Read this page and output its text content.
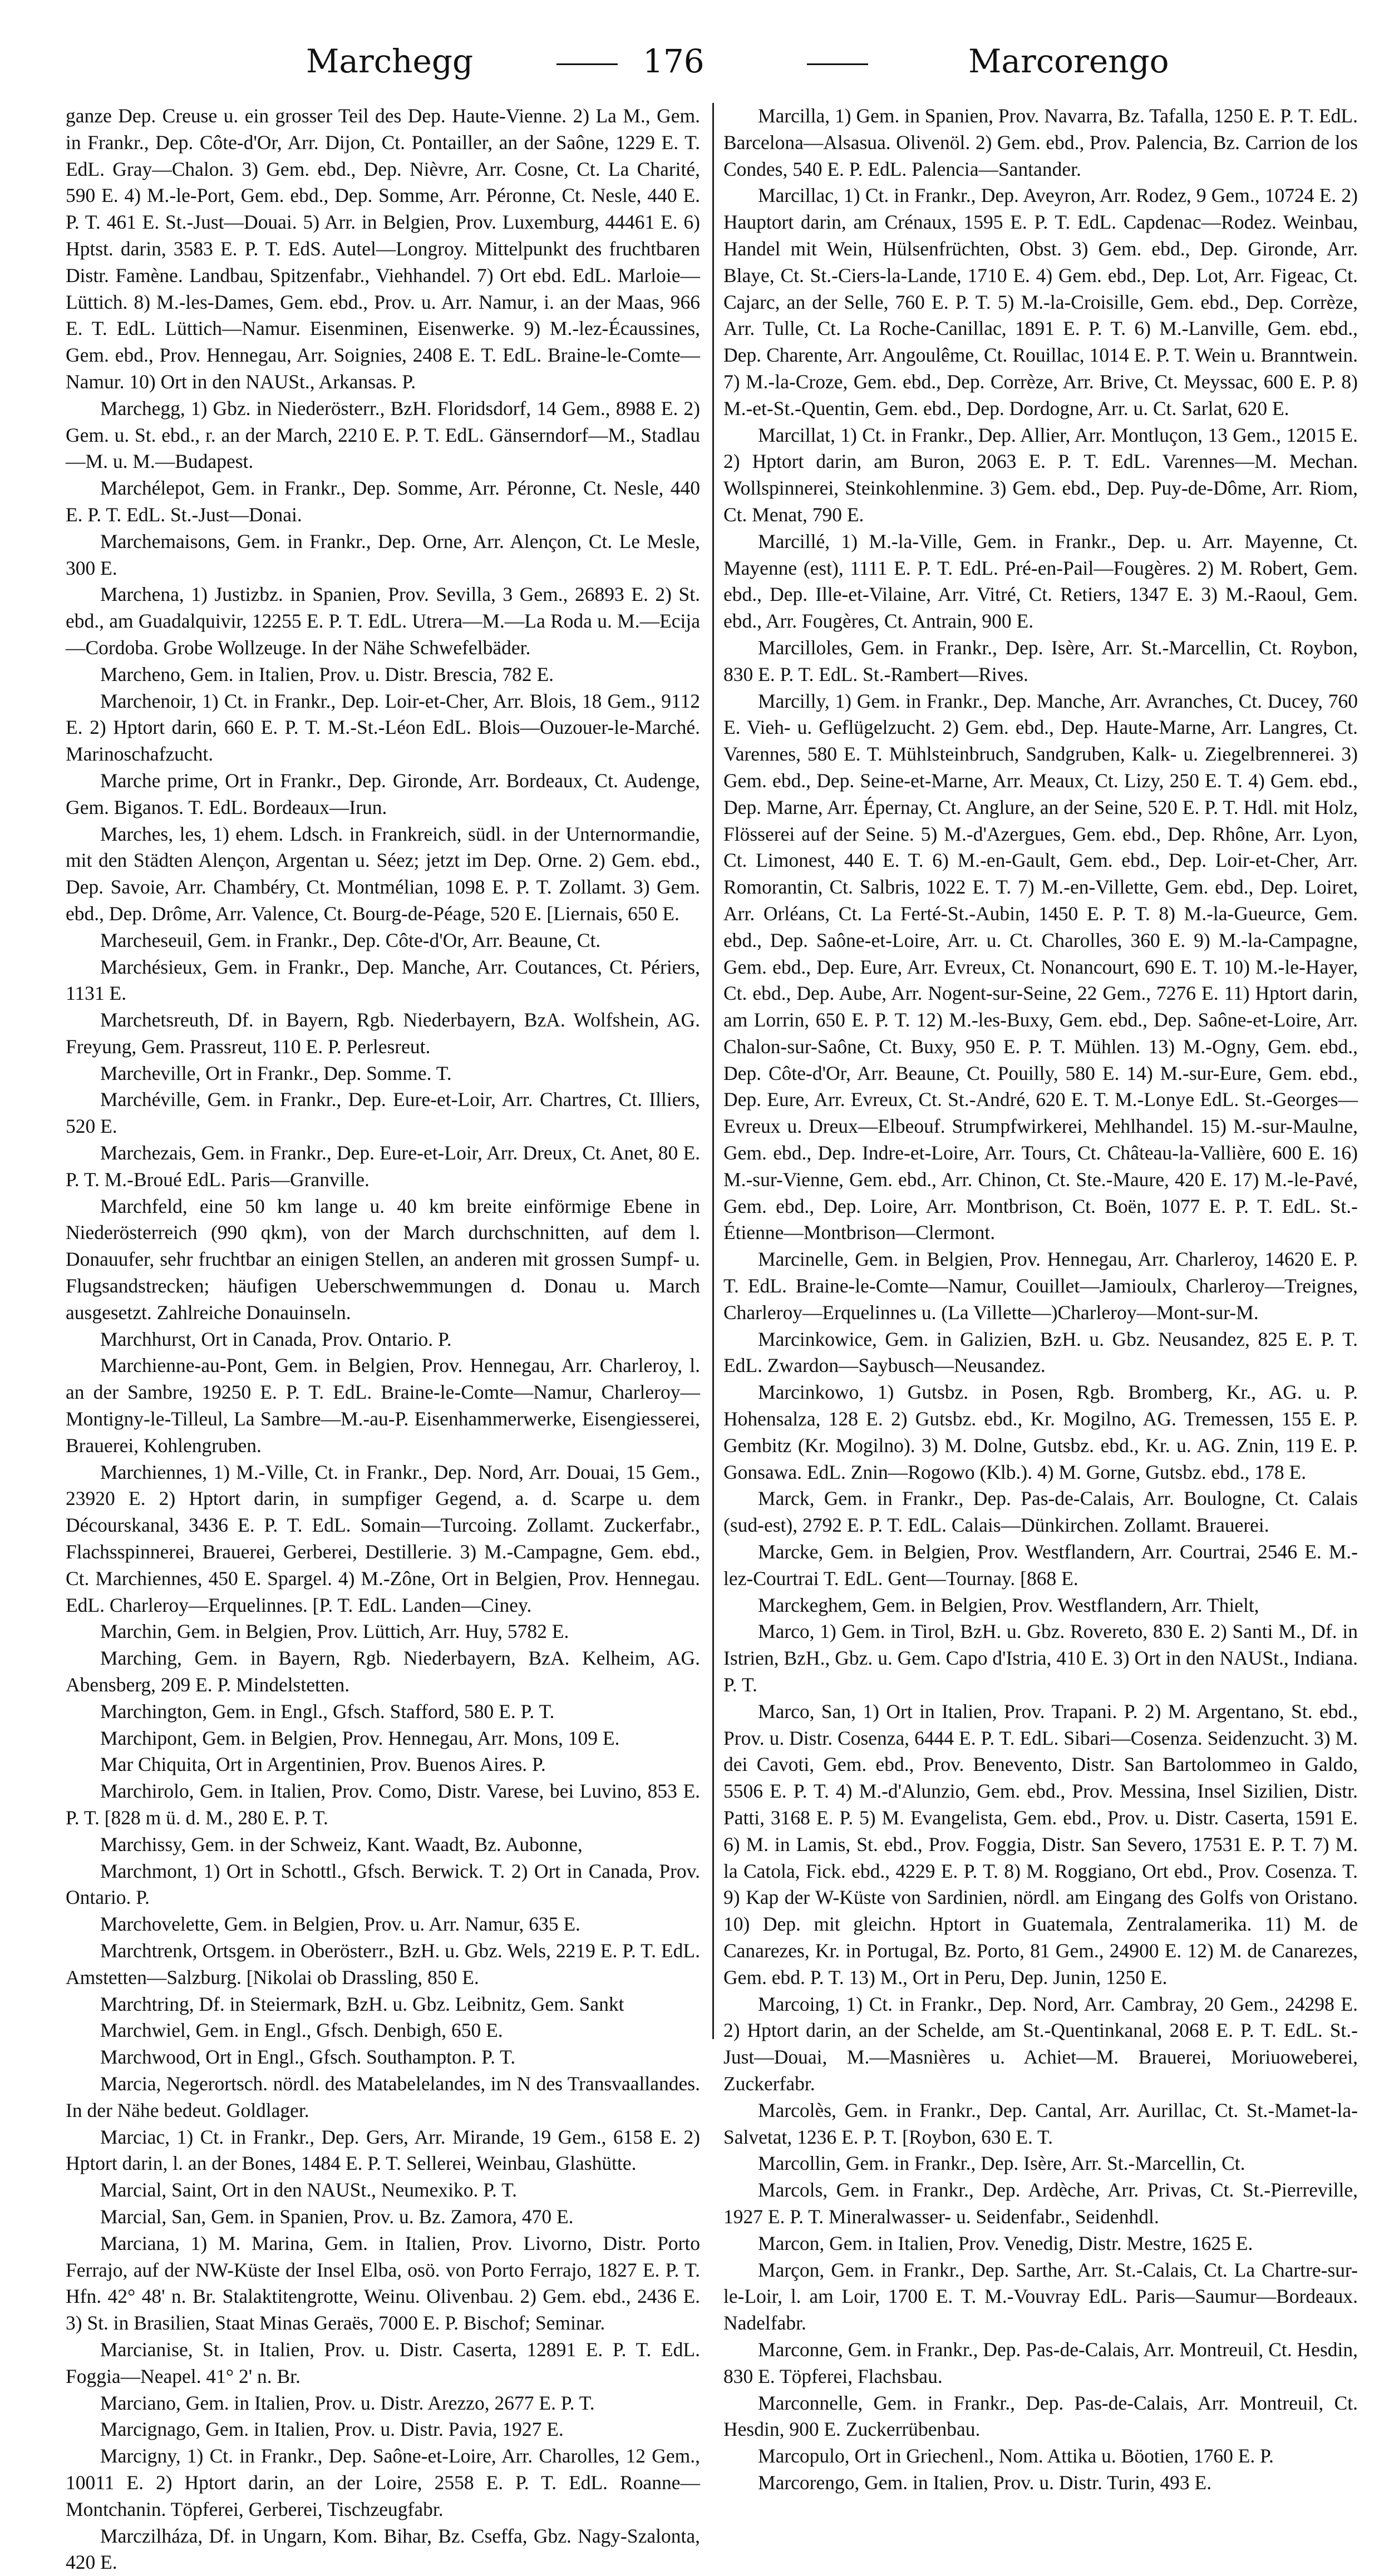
Marchegg	176	Marcorengo

ganze Dep. Creuse u. ein grosser Teil des Dep. Haute-Vienne. 2) La M., Gem. in Frankr., Dep. Côte-d'Or, Arr. Dijon, Ct. Pontailler, an der Saône, 1229 E. T. EdL. Gray—Chalon. 3) Gem. ebd., Dep. Nièvre, Arr. Cosne, Ct. La Charité, 590 E. 4) M.-le-Port, Gem. ebd., Dep. Somme, Arr. Péronne, Ct. Nesle, 440 E. P. T. 461 E. St.-Just—Douai. 5) Arr. in Belgien, Prov. Luxemburg, 44461 E. 6) Hptst. darin, 3583 E. P. T. EdS. Autel—Longroy. Mittelpunkt des fruchtbaren Distr. Famène. Landbau, Spitzenfabr., Viehhandel. 7) Ort ebd. EdL. Marloie—Lüttich. 8) M.-les-Dames, Gem. ebd., Prov. u. Arr. Namur, i. an der Maas, 966 E. T. EdL. Lüttich—Namur. Eisenminen, Eisenwerke. 9) M.-lez-Écaussines, Gem. ebd., Prov. Hennegau, Arr. Soignies, 2408 E. T. EdL. Braine-le-Comte—Namur. 10) Ort in den NAUSt., Arkansas. P.

Marchegg, 1) Gbz. in Niederösterr., BzH. Floridsdorf, 14 Gem., 8988 E. 2) Gem. u. St. ebd., r. an der March, 2210 E. P. T. EdL. Gänserndorf—M., Stadlau—M. u. M.—Budapest.

Marchélepot, Gem. in Frankr., Dep. Somme, Arr. Péronne, Ct. Nesle, 440 E. P. T. EdL. St.-Just—Donai.

Marchemaisons, Gem. in Frankr., Dep. Orne, Arr. Alençon, Ct. Le Mesle, 300 E.

Marchena, 1) Justizbz. in Spanien, Prov. Sevilla, 3 Gem., 26893 E. 2) St. ebd., am Guadalquivir, 12255 E. P. T. EdL. Utrera—M.—La Roda u. M.—Ecija—Cordoba. Grobe Wollzeuge. In der Nähe Schwefelbäder.

Marcheno, Gem. in Italien, Prov. u. Distr. Brescia, 782 E.

Marchenoir, 1) Ct. in Frankr., Dep. Loir-et-Cher, Arr. Blois, 18 Gem., 9112 E. 2) Hptort darin, 660 E. P. T. M.-St.-Léon EdL. Blois—Ouzouer-le-Marché. Marinoschafzucht.

Marche prime, Ort in Frankr., Dep. Gironde, Arr. Bordeaux, Ct. Audenge, Gem. Biganos. T. EdL. Bordeaux—Irun.

Marches, les, 1) ehem. Ldsch. in Frankreich, südl. in der Unternormandie, mit den Städten Alençon, Argentan u. Séez; jetzt im Dep. Orne. 2) Gem. ebd., Dep. Savoie, Arr. Chambéry, Ct. Montmélian, 1098 E. P. T. Zollamt. 3) Gem. ebd., Dep. Drôme, Arr. Valence, Ct. Bourg-de-Péage, 520 E. [Liernais, 650 E.

Marcheseuil, Gem. in Frankr., Dep. Côte-d'Or, Arr. Beaune, Ct.

Marchésieux, Gem. in Frankr., Dep. Manche, Arr. Coutances, Ct. Périers, 1131 E.

Marchetsreuth, Df. in Bayern, Rgb. Niederbayern, BzA. Wolfshein, AG. Freyung, Gem. Prassreut, 110 E. P. Perlesreut.

Marcheville, Ort in Frankr., Dep. Somme. T.

Marchéville, Gem. in Frankr., Dep. Eure-et-Loir, Arr. Chartres, Ct. Illiers, 520 E.

Marchezais, Gem. in Frankr., Dep. Eure-et-Loir, Arr. Dreux, Ct. Anet, 80 E. P. T. M.-Broué EdL. Paris—Granville.

Marchfeld, eine 50 km lange u. 40 km breite einförmige Ebene in Niederösterreich (990 qkm), von der March durchschnitten, auf dem l. Donauufer, sehr fruchtbar an einigen Stellen, an anderen mit grossen Sumpf- u. Flugsandstrecken; häufigen Ueberschwemmungen d. Donau u. March ausgesetzt. Zahlreiche Donauinseln.

Marchhurst, Ort in Canada, Prov. Ontario. P.

Marchienne-au-Pont, Gem. in Belgien, Prov. Hennegau, Arr. Charleroy, l. an der Sambre, 19250 E. P. T. EdL. Braine-le-Comte—Namur, Charleroy—Montigny-le-Tilleul, La Sambre—M.-au-P. Eisenhammerwerke, Eisengiesserei, Brauerei, Kohlengruben.

Marchiennes, 1) M.-Ville, Ct. in Frankr., Dep. Nord, Arr. Douai, 15 Gem., 23920 E. 2) Hptort darin, in sumpfiger Gegend, a. d. Scarpe u. dem Décourskanal, 3436 E. P. T. EdL. Somain—Turcoing. Zollamt. Zuckerfabr., Flachsspinnerei, Brauerei, Gerberei, Destillerie. 3) M.-Campagne, Gem. ebd., Ct. Marchiennes, 450 E. Spargel. 4) M.-Zône, Ort in Belgien, Prov. Hennegau. EdL. Charleroy—Erquelinnes. [P. T. EdL. Landen—Ciney.

Marchin, Gem. in Belgien, Prov. Lüttich, Arr. Huy, 5782 E.

Marching, Gem. in Bayern, Rgb. Niederbayern, BzA. Kelheim, AG. Abensberg, 209 E. P. Mindelstetten.

Marchington, Gem. in Engl., Gfsch. Stafford, 580 E. P. T.

Marchipont, Gem. in Belgien, Prov. Hennegau, Arr. Mons, 109 E.

Mar Chiquita, Ort in Argentinien, Prov. Buenos Aires. P.

Marchirolo, Gem. in Italien, Prov. Como, Distr. Varese, bei Luvino, 853 E. P. T. [828 m ü. d. M., 280 E. P. T.

Marchissy, Gem. in der Schweiz, Kant. Waadt, Bz. Aubonne,

Marchmont, 1) Ort in Schottl., Gfsch. Berwick. T. 2) Ort in Canada, Prov. Ontario. P.

Marchovelette, Gem. in Belgien, Prov. u. Arr. Namur, 635 E.

Marchtrenk, Ortsgem. in Oberösterr., BzH. u. Gbz. Wels, 2219 E. P. T. EdL. Amstetten—Salzburg. [Nikolai ob Drassling, 850 E.

Marchtring, Df. in Steiermark, BzH. u. Gbz. Leibnitz, Gem. Sankt

Marchwiel, Gem. in Engl., Gfsch. Denbigh, 650 E.

Marchwood, Ort in Engl., Gfsch. Southampton. P. T.

Marcia, Negerortsch. nördl. des Matabelelandes, im N des Transvaallandes. In der Nähe bedeut. Goldlager.

Marciac, 1) Ct. in Frankr., Dep. Gers, Arr. Mirande, 19 Gem., 6158 E. 2) Hptort darin, l. an der Bones, 1484 E. P. T. Sellerei, Weinbau, Glashütte.

Marcial, Saint, Ort in den NAUSt., Neumexiko. P. T.

Marcial, San, Gem. in Spanien, Prov. u. Bz. Zamora, 470 E.

Marciana, 1) M. Marina, Gem. in Italien, Prov. Livorno, Distr. Porto Ferrajo, auf der NW-Küste der Insel Elba, osö. von Porto Ferrajo, 1827 E. P. T. Hfn. 42° 48' n. Br. Stalaktitengrotte, Weinu. Olivenbau. 2) Gem. ebd., 2436 E. 3) St. in Brasilien, Staat Minas Geraës, 7000 E. P. Bischof; Seminar.

Marcianise, St. in Italien, Prov. u. Distr. Caserta, 12891 E. P. T. EdL. Foggia—Neapel. 41° 2' n. Br.

Marciano, Gem. in Italien, Prov. u. Distr. Arezzo, 2677 E. P. T.

Marcignago, Gem. in Italien, Prov. u. Distr. Pavia, 1927 E.

Marcigny, 1) Ct. in Frankr., Dep. Saône-et-Loire, Arr. Charolles, 12 Gem., 10011 E. 2) Hptort darin, an der Loire, 2558 E. P. T. EdL. Roanne—Montchanin. Töpferei, Gerberei, Tischzeugfabr.

Marczilháza, Df. in Ungarn, Kom. Bihar, Bz. Cseffa, Gbz. Nagy-Szalonta, 420 E.

Marcilla, 1) Gem. in Spanien, Prov. Navarra, Bz. Tafalla, 1250 E. P. T. EdL. Barcelona—Alsasua. Olivenöl. 2) Gem. ebd., Prov. Palencia, Bz. Carrion de los Condes, 540 E. P. EdL. Palencia—Santander.

Marcillac, 1) Ct. in Frankr., Dep. Aveyron, Arr. Rodez, 9 Gem., 10724 E. 2) Hauptort darin, am Crénaux, 1595 E. P. T. EdL. Capdenac—Rodez. Weinbau, Handel mit Wein, Hülsenfrüchten, Obst. 3) Gem. ebd., Dep. Gironde, Arr. Blaye, Ct. St.-Ciers-la-Lande, 1710 E. 4) Gem. ebd., Dep. Lot, Arr. Figeac, Ct. Cajarc, an der Selle, 760 E. P. T. 5) M.-la-Croisille, Gem. ebd., Dep. Corrèze, Arr. Tulle, Ct. La Roche-Canillac, 1891 E. P. T. 6) M.-Lanville, Gem. ebd., Dep. Charente, Arr. Angoulême, Ct. Rouillac, 1014 E. P. T. Wein u. Branntwein. 7) M.-la-Croze, Gem. ebd., Dep. Corrèze, Arr. Brive, Ct. Meyssac, 600 E. P. 8) M.-et-St.-Quentin, Gem. ebd., Dep. Dordogne, Arr. u. Ct. Sarlat, 620 E.

Marcillat, 1) Ct. in Frankr., Dep. Allier, Arr. Montluçon, 13 Gem., 12015 E. 2) Hptort darin, am Buron, 2063 E. P. T. EdL. Varennes—M. Mechan. Wollspinnerei, Steinkohlenmine. 3) Gem. ebd., Dep. Puy-de-Dôme, Arr. Riom, Ct. Menat, 790 E.

Marcillé, 1) M.-la-Ville, Gem. in Frankr., Dep. u. Arr. Mayenne, Ct. Mayenne (est), 1111 E. P. T. EdL. Pré-en-Pail—Fougères. 2) M. Robert, Gem. ebd., Dep. Ille-et-Vilaine, Arr. Vitré, Ct. Retiers, 1347 E. 3) M.-Raoul, Gem. ebd., Arr. Fougères, Ct. Antrain, 900 E.

Marcilloles, Gem. in Frankr., Dep. Isère, Arr. St.-Marcellin, Ct. Roybon, 830 E. P. T. EdL. St.-Rambert—Rives.

Marcilly, 1) Gem. in Frankr., Dep. Manche, Arr. Avranches, Ct. Ducey, 760 E. Vieh- u. Geflügelzucht. 2) Gem. ebd., Dep. Haute-Marne, Arr. Langres, Ct. Varennes, 580 E. T. Mühlsteinbruch, Sandgruben, Kalk- u. Ziegelbrennerei. 3) Gem. ebd., Dep. Seine-et-Marne, Arr. Meaux, Ct. Lizy, 250 E. T. 4) Gem. ebd., Dep. Marne, Arr. Épernay, Ct. Anglure, an der Seine, 520 E. P. T. Hdl. mit Holz, Flösserei auf der Seine. 5) M.-d'Azergues, Gem. ebd., Dep. Rhône, Arr. Lyon, Ct. Limonest, 440 E. T. 6) M.-en-Gault, Gem. ebd., Dep. Loir-et-Cher, Arr. Romorantin, Ct. Salbris, 1022 E. T. 7) M.-en-Villette, Gem. ebd., Dep. Loiret, Arr. Orléans, Ct. La Ferté-St.-Aubin, 1450 E. P. T. 8) M.-la-Gueurce, Gem. ebd., Dep. Saône-et-Loire, Arr. u. Ct. Charolles, 360 E. 9) M.-la-Campagne, Gem. ebd., Dep. Eure, Arr. Evreux, Ct. Nonancourt, 690 E. T. 10) M.-le-Hayer, Ct. ebd., Dep. Aube, Arr. Nogent-sur-Seine, 22 Gem., 7276 E. 11) Hptort darin, am Lorrin, 650 E. P. T. 12) M.-les-Buxy, Gem. ebd., Dep. Saône-et-Loire, Arr. Chalon-sur-Saône, Ct. Buxy, 950 E. P. T. Mühlen. 13) M.-Ogny, Gem. ebd., Dep. Côte-d'Or, Arr. Beaune, Ct. Pouilly, 580 E. 14) M.-sur-Eure, Gem. ebd., Dep. Eure, Arr. Evreux, Ct. St.-André, 620 E. T. M.-Lonye EdL. St.-Georges—Evreux u. Dreux—Elbeouf. Strumpfwirkerei, Mehlhandel. 15) M.-sur-Maulne, Gem. ebd., Dep. Indre-et-Loire, Arr. Tours, Ct. Château-la-Vallière, 600 E. 16) M.-sur-Vienne, Gem. ebd., Arr. Chinon, Ct. Ste.-Maure, 420 E. 17) M.-le-Pavé, Gem. ebd., Dep. Loire, Arr. Montbrison, Ct. Boën, 1077 E. P. T. EdL. St.-Étienne—Montbrison—Clermont.

Marcinelle, Gem. in Belgien, Prov. Hennegau, Arr. Charleroy, 14620 E. P. T. EdL. Braine-le-Comte—Namur, Couillet—Jamioulx, Charleroy—Treignes, Charleroy—Erquelinnes u. (La Villette—)Charleroy—Mont-sur-M.

Marcinkowice, Gem. in Galizien, BzH. u. Gbz. Neusandez, 825 E. P. T. EdL. Zwardon—Saybusch—Neusandez.

Marcinkowo, 1) Gutsbz. in Posen, Rgb. Bromberg, Kr., AG. u. P. Hohensalza, 128 E. 2) Gutsbz. ebd., Kr. Mogilno, AG. Tremessen, 155 E. P. Gembitz (Kr. Mogilno). 3) M. Dolne, Gutsbz. ebd., Kr. u. AG. Znin, 119 E. P. Gonsawa. EdL. Znin—Rogowo (Klb.). 4) M. Gorne, Gutsbz. ebd., 178 E.

Marck, Gem. in Frankr., Dep. Pas-de-Calais, Arr. Boulogne, Ct. Calais (sud-est), 2792 E. P. T. EdL. Calais—Dünkirchen. Zollamt. Brauerei.

Marcke, Gem. in Belgien, Prov. Westflandern, Arr. Courtrai, 2546 E. M.-lez-Courtrai T. EdL. Gent—Tournay. [868 E.

Marckeghem, Gem. in Belgien, Prov. Westflandern, Arr. Thielt,

Marco, 1) Gem. in Tirol, BzH. u. Gbz. Rovereto, 830 E. 2) Santi M., Df. in Istrien, BzH., Gbz. u. Gem. Capo d'Istria, 410 E. 3) Ort in den NAUSt., Indiana. P. T.

Marco, San, 1) Ort in Italien, Prov. Trapani. P. 2) M. Argentano, St. ebd., Prov. u. Distr. Cosenza, 6444 E. P. T. EdL. Sibari—Cosenza. Seidenzucht. 3) M. dei Cavoti, Gem. ebd., Prov. Benevento, Distr. San Bartolommeo in Galdo, 5506 E. P. T. 4) M.-d'Alunzio, Gem. ebd., Prov. Messina, Insel Sizilien, Distr. Patti, 3168 E. P. 5) M. Evangelista, Gem. ebd., Prov. u. Distr. Caserta, 1591 E. 6) M. in Lamis, St. ebd., Prov. Foggia, Distr. San Severo, 17531 E. P. T. 7) M. la Catola, Fick. ebd., 4229 E. P. T. 8) M. Roggiano, Ort ebd., Prov. Cosenza. T. 9) Kap der W-Küste von Sardinien, nördl. am Eingang des Golfs von Oristano. 10) Dep. mit gleichn. Hptort in Guatemala, Zentralamerika. 11) M. de Canarezes, Kr. in Portugal, Bz. Porto, 81 Gem., 24900 E. 12) M. de Canarezes, Gem. ebd. P. T. 13) M., Ort in Peru, Dep. Junin, 1250 E.

Marcoing, 1) Ct. in Frankr., Dep. Nord, Arr. Cambray, 20 Gem., 24298 E. 2) Hptort darin, an der Schelde, am St.-Quentinkanal, 2068 E. P. T. EdL. St.-Just—Douai, M.—Masnières u. Achiet—M. Brauerei, Moriuoweberei, Zuckerfabr.

Marcolès, Gem. in Frankr., Dep. Cantal, Arr. Aurillac, Ct. St.-Mamet-la-Salvetat, 1236 E. P. T. [Roybon, 630 E. T.

Marcollin, Gem. in Frankr., Dep. Isère, Arr. St.-Marcellin, Ct.

Marcols, Gem. in Frankr., Dep. Ardèche, Arr. Privas, Ct. St.-Pierreville, 1927 E. P. T. Mineralwasser- u. Seidenfabr., Seidenhdl.

Marcon, Gem. in Italien, Prov. Venedig, Distr. Mestre, 1625 E.

Marçon, Gem. in Frankr., Dep. Sarthe, Arr. St.-Calais, Ct. La Chartre-sur-le-Loir, l. am Loir, 1700 E. T. M.-Vouvray EdL. Paris—Saumur—Bordeaux. Nadelfabr.

Marconne, Gem. in Frankr., Dep. Pas-de-Calais, Arr. Montreuil, Ct. Hesdin, 830 E. Töpferei, Flachsbau.

Marconnelle, Gem. in Frankr., Dep. Pas-de-Calais, Arr. Montreuil, Ct. Hesdin, 900 E. Zuckerrübenbau.

Marcopulo, Ort in Griechenl., Nom. Attika u. Böotien, 1760 E. P.

Marcorengo, Gem. in Italien, Prov. u. Distr. Turin, 493 E.
